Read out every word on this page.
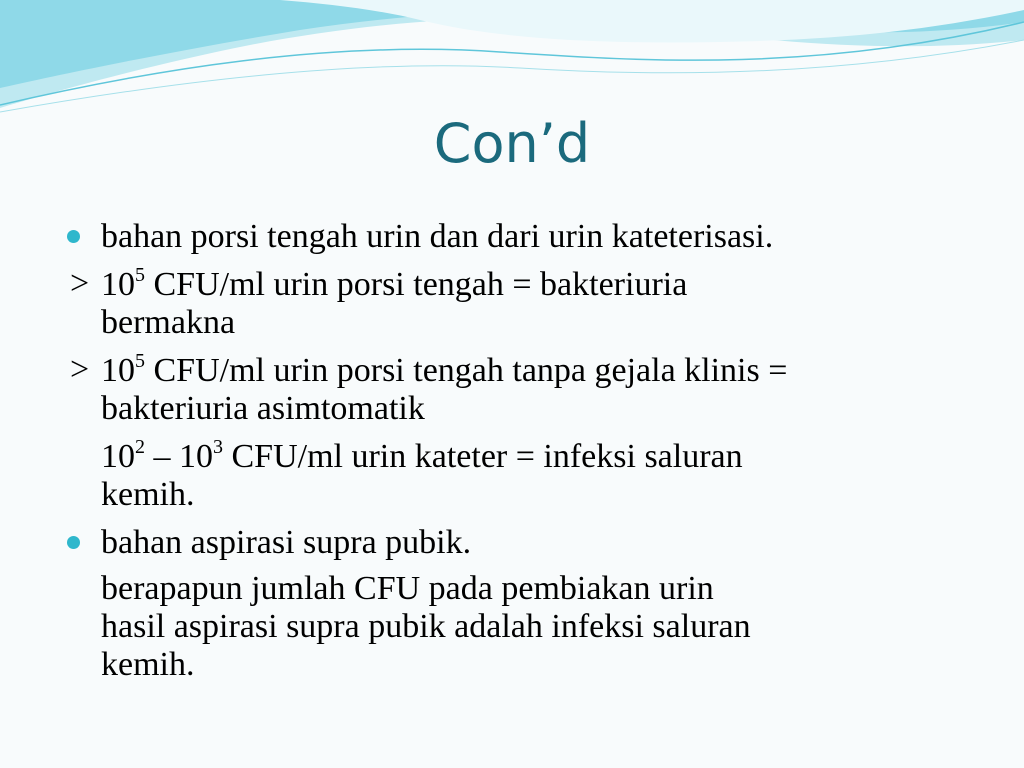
Con’d
bahan porsi tengah urin dan dari urin kateterisasi.
> $10^5$ CFU/ml urin porsi tengah = bakteriuria
bermakna
> $10^5$ CFU/ml urin porsi tengah tanpa gejala klinis =
bakteriuria asimtomatik
$10^2 - 10^3$ CFU/ml urin kateter = infeksi saluran
kemih.
bahan aspirasi supra pubik.
berapapun jumlah CFU pada pembiakan urin
hasil aspirasi supra pubik adalah infeksi saluran
kemih.
